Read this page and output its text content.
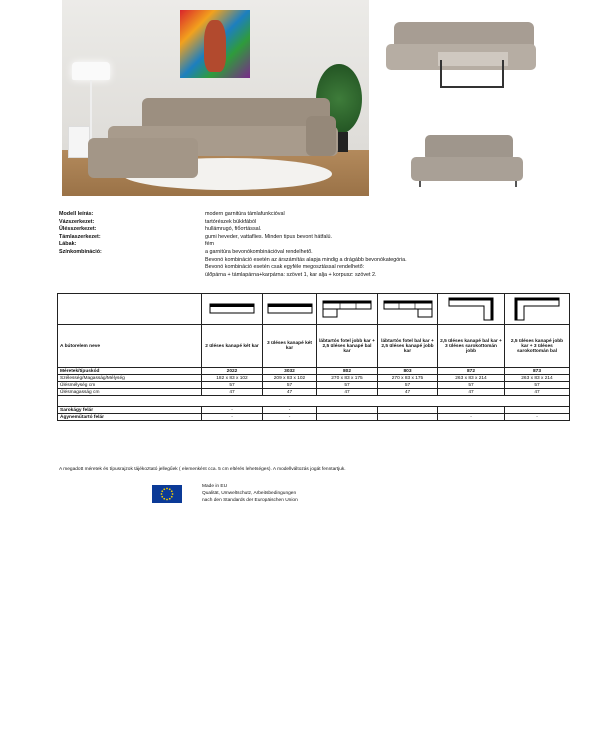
Modell leírás:	modern garnitúra támlafunkcióval
Vázszerkezet:	tartórészek bükkfából
Ülésszerkezet:	hullámrugó, fiботtással.
Támlaszerkezet:	gumi heveder, vattaflies. Minden tipus bevont hátfalú.
Lábak:	fém
Színkombináció:	a garnitúra bevonókombinációval rendelhető.
Bevonó kombináció esetén az árszámítás alapja mindig a drágább bevonókategória.
Bevonó kombináció esetén csak egyféle megosztással rendelhető:
ülőpárna + támlapárna+karpárna: szövet 1, kar alja + korpusz: szövet 2.

A bútorelem neve	2 üléses kanapé két kar	3 üléses kanapé két kar	lábtartós fotel jobb kar + 2,5 üléses kanapé bal kar	lábtartós fotel bal kar + 2,5 üléses kanapé jobb kar	2,5 üléses kanapé bal kar + 3 üléses sarokottomán jobb	2,5 üléses kanapé jobb kar + 3 üléses sarokottomán bal
Méretek/típuskód	2022	3032	802	803	872	873
Szélesség/Magasság/Mélység	182 x 83 x 102	209 x 83 x 102	270 x 83 x 175	270 x 83 x 175	263 x 83 x 214	263 x 83 x 214
Ülésmélység cm	57	57	57	57	57	57
Ülésmagasság cm	47	47	47	47	47	47

Sarokágy felár	-	-				
Ágyneműtartó felár	-	-			-	-
A megadott méretek és típusrajzok tájékoztató jellegűek ( elemenként cca. 5 cm eltérés lehetséges). A modellváltozás jogát fenntartjuk.
Made in EU
Qualität, Umweltschutz, Arbeitsbedingungen
nach den Standards der Europäischen Union
